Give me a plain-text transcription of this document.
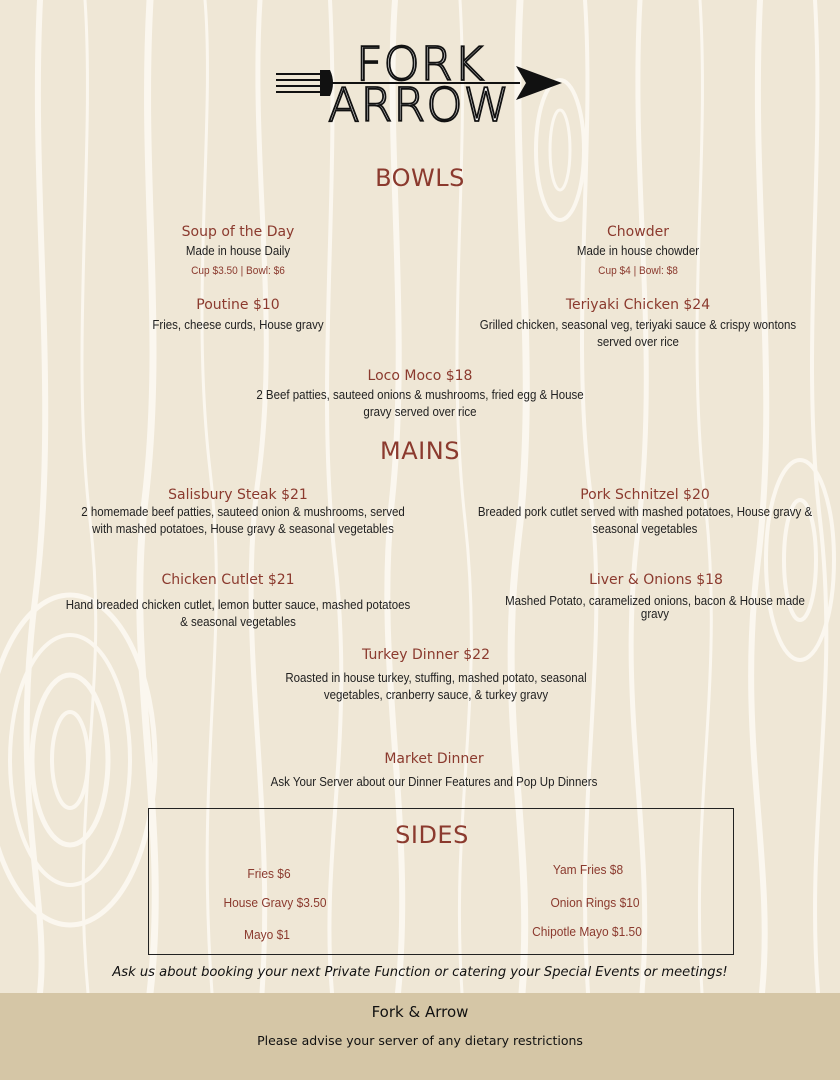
FORK
ARROW
BOWLS
Soup of the Day
Made in house Daily
Cup $3.50 | Bowl: $6
Chowder
Made in house chowder
Cup $4 | Bowl: $8
Poutine $10
Fries, cheese curds, House gravy
Teriyaki Chicken $24
Grilled chicken, seasonal veg, teriyaki sauce & crispy wontons served over rice
Loco Moco $18
2 Beef patties, sauteed onions & mushrooms, fried egg & House gravy served over rice
MAINS
Salisbury Steak $21
2 homemade beef patties, sauteed onion & mushrooms, served with mashed potatoes, House gravy & seasonal vegetables
Pork Schnitzel $20
Breaded pork cutlet served with mashed potatoes, House gravy & seasonal vegetables
Chicken Cutlet $21
Hand breaded chicken cutlet, lemon butter sauce, mashed potatoes & seasonal vegetables
Liver & Onions $18
Mashed Potato, caramelized onions, bacon & House made gravy
Turkey Dinner $22
Roasted in house turkey, stuffing, mashed potato, seasonal vegetables, cranberry sauce, & turkey gravy
Market Dinner
Ask Your Server about our Dinner Features and Pop Up Dinners
SIDES
Fries $6	Yam Fries $8
House Gravy $3.50	Onion Rings $10
Mayo $1	Chipotle Mayo $1.50
Ask us about booking your next Private Function or catering your Special Events or meetings!
Fork & Arrow
Please advise your server of any dietary restrictions
